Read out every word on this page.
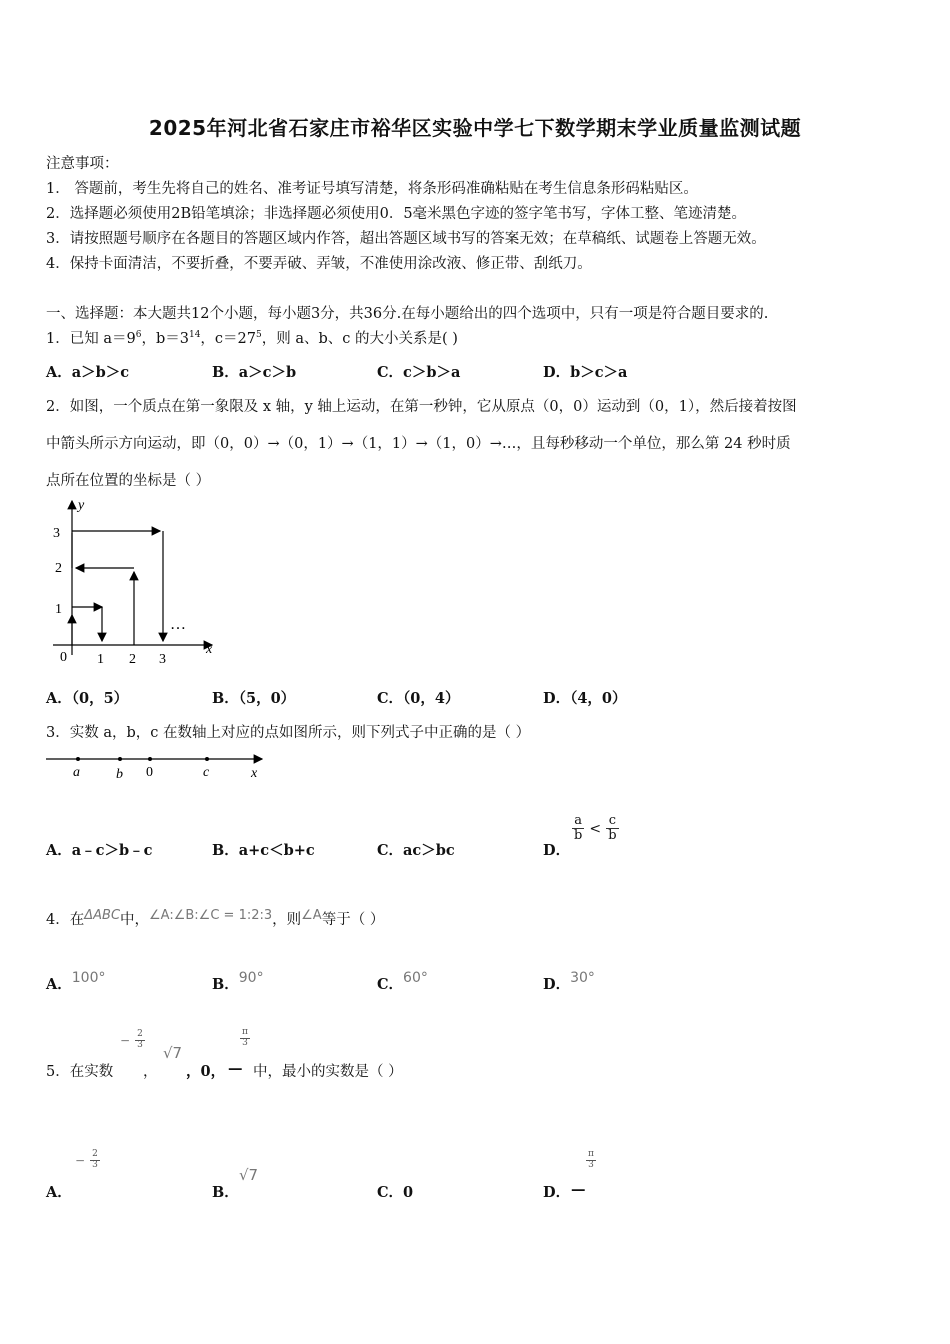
2025年河北省石家庄市裕华区实验中学七下数学期末学业质量监测试题
注意事项：
1． 答题前，考生先将自己的姓名、准考证号填写清楚，将条形码准确粘贴在考生信息条形码粘贴区。
2．选择题必须使用2B铅笔填涂；非选择题必须使用0．5毫米黑色字迹的签字笔书写，字体工整、笔迹清楚。
3．请按照题号顺序在各题目的答题区域内作答，超出答题区域书写的答案无效；在草稿纸、试题卷上答题无效。
4．保持卡面清洁，不要折叠，不要弄破、弄皱，不准使用涂改液、修正带、刮纸刀。
一、选择题：本大题共12个小题，每小题3分，共36分.在每小题给出的四个选项中，只有一项是符合题目要求的.
1．已知 $a=9^6$，$b=3^{14}$，$c=27^5$，则 a、b、c 的大小关系是( )
A．a＞b＞c	B．a＞c＞b	C．c＞b＞a	D．b＞c＞a
2．如图，一个质点在第一象限及 x 轴，y 轴上运动，在第一秒钟，它从原点（0，0）运动到（0，1），然后接着按图
中箭头所示方向运动，即（0，0）→（0，1）→（1，1）→（1，0）→…，且每秒移动一个单位，那么第 24 秒时质
点所在位置的坐标是（ ）
y
x
0 1 2 3
1
2
3
…
A．（0，5）	B．（5，0）	C．（0，4）	D．（4，0）
3．实数 a，b，c 在数轴上对应的点如图所示，则下列式子中正确的是（ ）
a	b 0	c	x
A．a﹣c＞b﹣c	B．a+c＜b+c	C．ac＞bc	D．
$\frac{a}{b} < \frac{c}{b}$
4．在ΔABC中，∠A:∠B:∠C = 1:2:3，则∠A等于（ ）
A．100°	B．90°	C．60°	D．30°
5．在实数
− $\frac{2}{3}$
，
√7
，0，
$\frac{\pi}{3}$
— 中，最小的实数是（ ）
A．
− $\frac{2}{3}$
B．
√7
C．0	D． —
$\frac{\pi}{3}$
